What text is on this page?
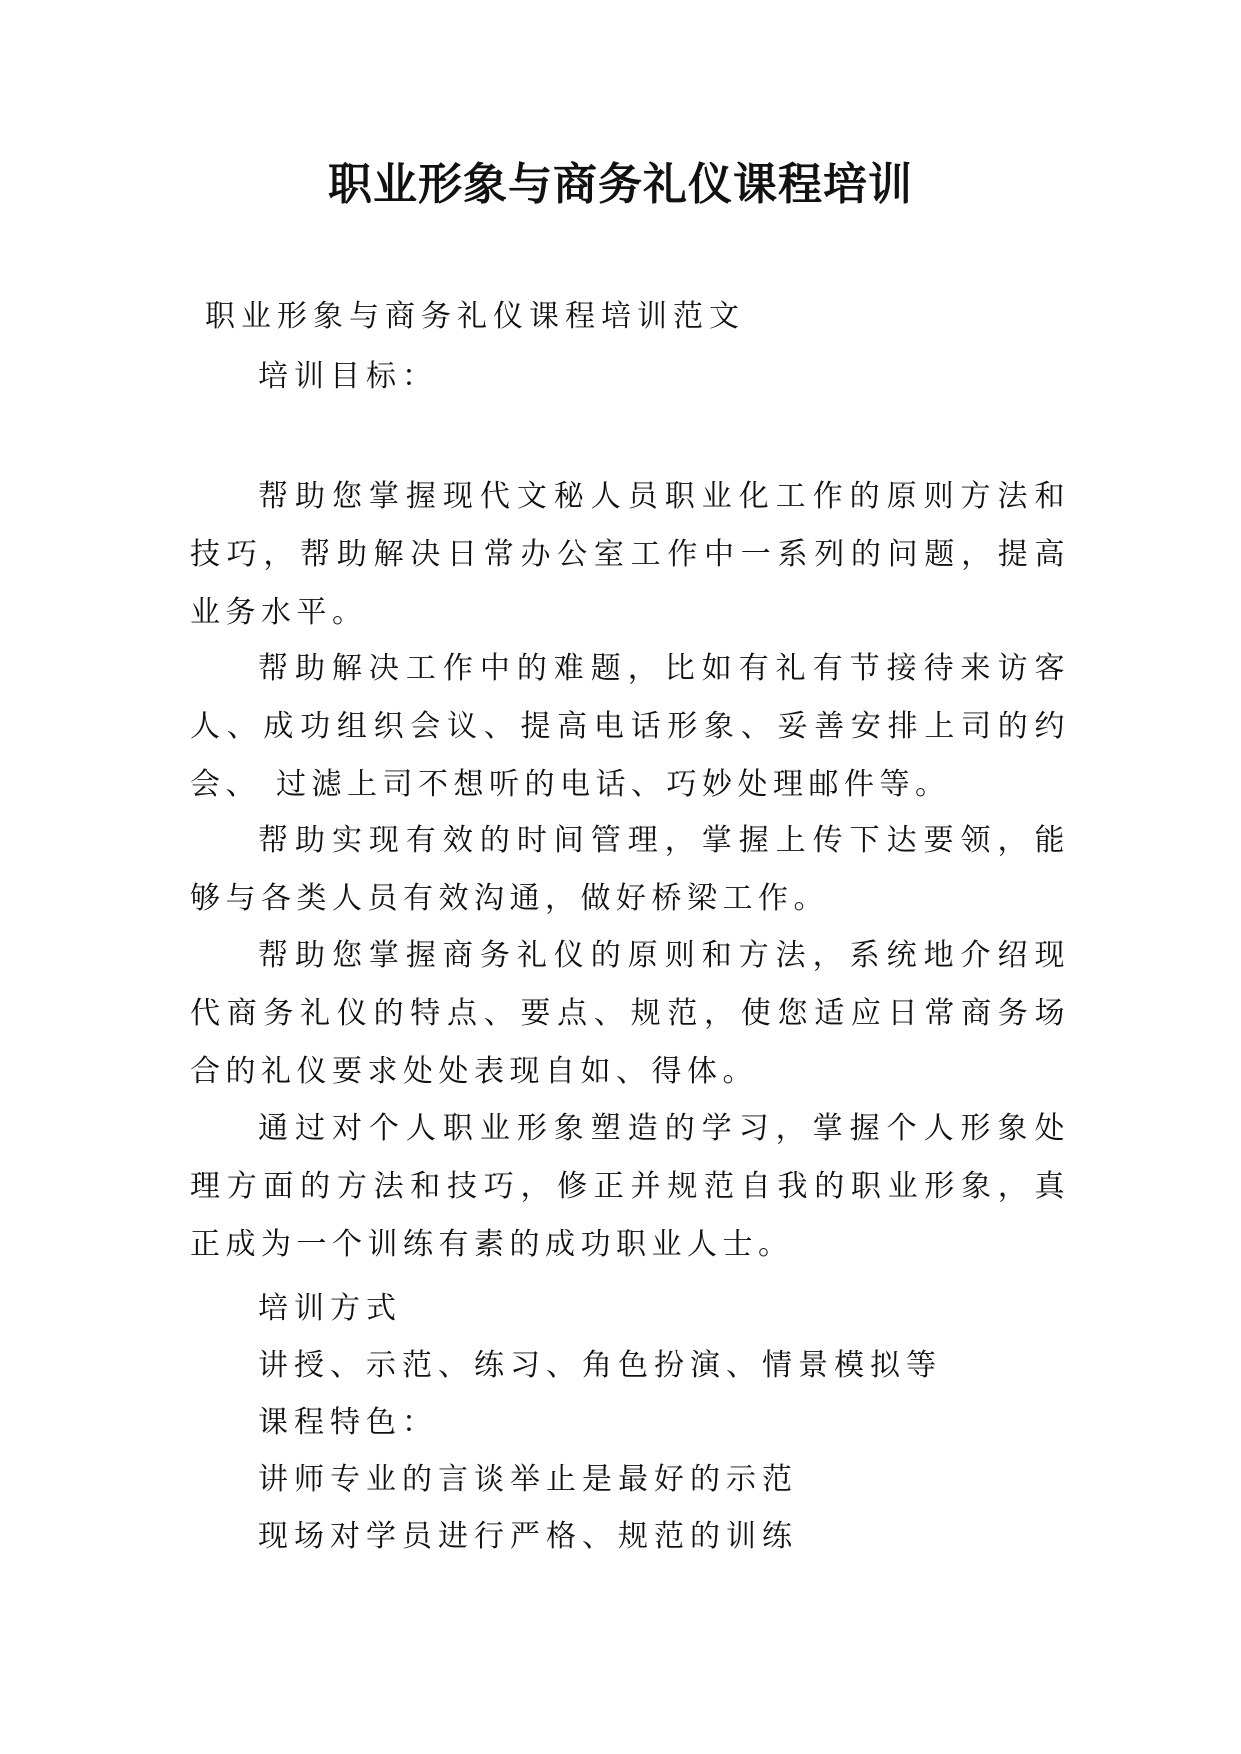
职业形象与商务礼仪课程培训
职业形象与商务礼仪课程培训范文
培训目标：
帮助您掌握现代文秘人员职业化工作的原则方法和技巧，帮助解决日常办公室工作中一系列的问题，提高业务水平。
帮助解决工作中的难题，比如有礼有节接待来访客人、成功组织会议、提高电话形象、妥善安排上司的约会、 过滤上司不想听的电话、巧妙处理邮件等。
帮助实现有效的时间管理，掌握上传下达要领，能够与各类人员有效沟通，做好桥梁工作。
帮助您掌握商务礼仪的原则和方法，系统地介绍现代商务礼仪的特点、要点、规范，使您适应日常商务场合的礼仪要求处处表现自如、得体。
通过对个人职业形象塑造的学习，掌握个人形象处理方面的方法和技巧，修正并规范自我的职业形象，真正成为一个训练有素的成功职业人士。
培训方式
讲授、示范、练习、角色扮演、情景模拟等
课程特色：
讲师专业的言谈举止是最好的示范
现场对学员进行严格、规范的训练
